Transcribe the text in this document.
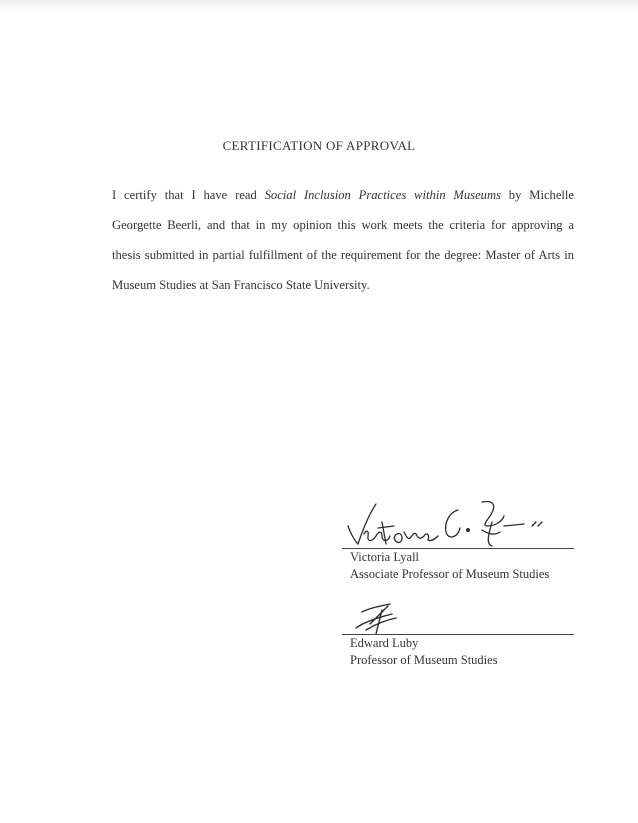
CERTIFICATION OF APPROVAL
I certify that I have read Social Inclusion Practices within Museums by Michelle
Georgette Beerli, and that in my opinion this work meets the criteria for approving a
thesis submitted in partial fulfillment of the requirement for the degree: Master of Arts in
Museum Studies at San Francisco State University.
Victoria Lyall
Associate Professor of Museum Studies
Edward Luby
Professor of Museum Studies
